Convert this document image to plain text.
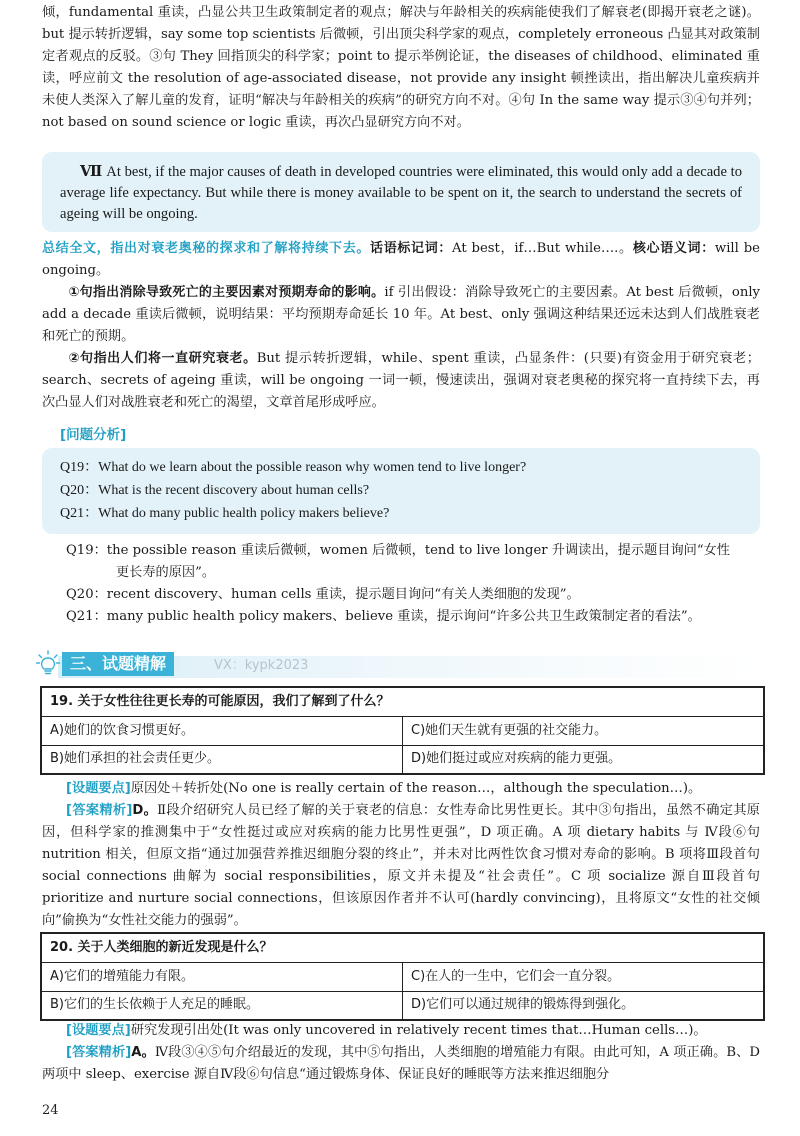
倾，fundamental 重读，凸显公共卫生政策制定者的观点；解决与年龄相关的疾病能使我们了解衰老(即揭开衰老之谜)。but 提示转折逻辑，say some top scientists 后微顿，引出顶尖科学家的观点，completely erroneous 凸显其对政策制定者观点的反驳。③句 They 回指顶尖的科学家；point to 提示举例论证，the diseases of childhood、eliminated 重读，呼应前文 the resolution of age-associated disease，not provide any insight 顿挫读出，指出解决儿童疾病并未使人类深入了解儿童的发育，证明“解决与年龄相关的疾病”的研究方向不对。④句 In the same way 提示③④句并列；not based on sound science or logic 重读，再次凸显研究方向不对。

Ⅶ At best, if the major causes of death in developed countries were eliminated, this would only add a decade to average life expectancy. But while there is money available to be spent on it, the search to understand the secrets of ageing will be ongoing.

总结全文，指出对衰老奥秘的探求和了解将持续下去。话语标记词：At best，if…But while….。核心语义词：will be ongoing。

①句指出消除导致死亡的主要因素对预期寿命的影响。if 引出假设：消除导致死亡的主要因素。At best 后微顿，only add a decade 重读后微顿，说明结果：平均预期寿命延长 10 年。At best、only 强调这种结果还远未达到人们战胜衰老和死亡的预期。

②句指出人们将一直研究衰老。But 提示转折逻辑，while、spent 重读，凸显条件：(只要)有资金用于研究衰老；search、secrets of ageing 重读，will be ongoing 一词一顿，慢速读出，强调对衰老奥秘的探究将一直持续下去，再次凸显人们对战胜衰老和死亡的渴望，文章首尾形成呼应。

[问题分析]
Q19：What do we learn about the possible reason why women tend to live longer?
Q20：What is the recent discovery about human cells?
Q21：What do many public health policy makers believe?
Q19：the possible reason 重读后微顿，women 后微顿，tend to live longer 升调读出，提示题目询问“女性
更长寿的原因”。
Q20：recent discovery、human cells 重读，提示题目询问“有关人类细胞的发现”。
Q21：many public health policy makers、believe 重读，提示询问“许多公共卫生政策制定者的看法”。
三、试题精解	VX：kypk2023
19. 关于女性往往更长寿的可能原因，我们了解到了什么？	
A)她们的饮食习惯更好。	C)她们天生就有更强的社交能力。
B)她们承担的社会责任更少。	D)她们挺过或应对疾病的能力更强。

[设题要点]原因处＋转折处(No one is really certain of the reason…，although the speculation…)。

[答案精析]D。Ⅱ段介绍研究人员已经了解的关于衰老的信息：女性寿命比男性更长。其中③句指出，虽然不确定其原因，但科学家的推测集中于“女性挺过或应对疾病的能力比男性更强”，D 项正确。A 项 dietary habits 与 Ⅳ段⑥句 nutrition 相关，但原文指“通过加强营养推迟细胞分裂的终止”，并未对比两性饮食习惯对寿命的影响。B 项将Ⅲ段首句 social connections 曲解为 social responsibilities，原文并未提及“社会责任”。C 项 socialize 源自Ⅲ段首句 prioritize and nurture social connections，但该原因作者并不认可(hardly convincing)，且将原文“女性的社交倾向”偷换为“女性社交能力的强弱”。

20. 关于人类细胞的新近发现是什么？	
A)它们的增殖能力有限。	C)在人的一生中，它们会一直分裂。
B)它们的生长依赖于人充足的睡眠。	D)它们可以通过规律的锻炼得到强化。

[设题要点]研究发现引出处(It was only uncovered in relatively recent times that…Human cells…)。

[答案精析]A。Ⅳ段③④⑤句介绍最近的发现，其中⑤句指出，人类细胞的增殖能力有限。由此可知，A 项正确。B、D 两项中 sleep、exercise 源自Ⅳ段⑥句信息“通过锻炼身体、保证良好的睡眠等方法来推迟细胞分

24
